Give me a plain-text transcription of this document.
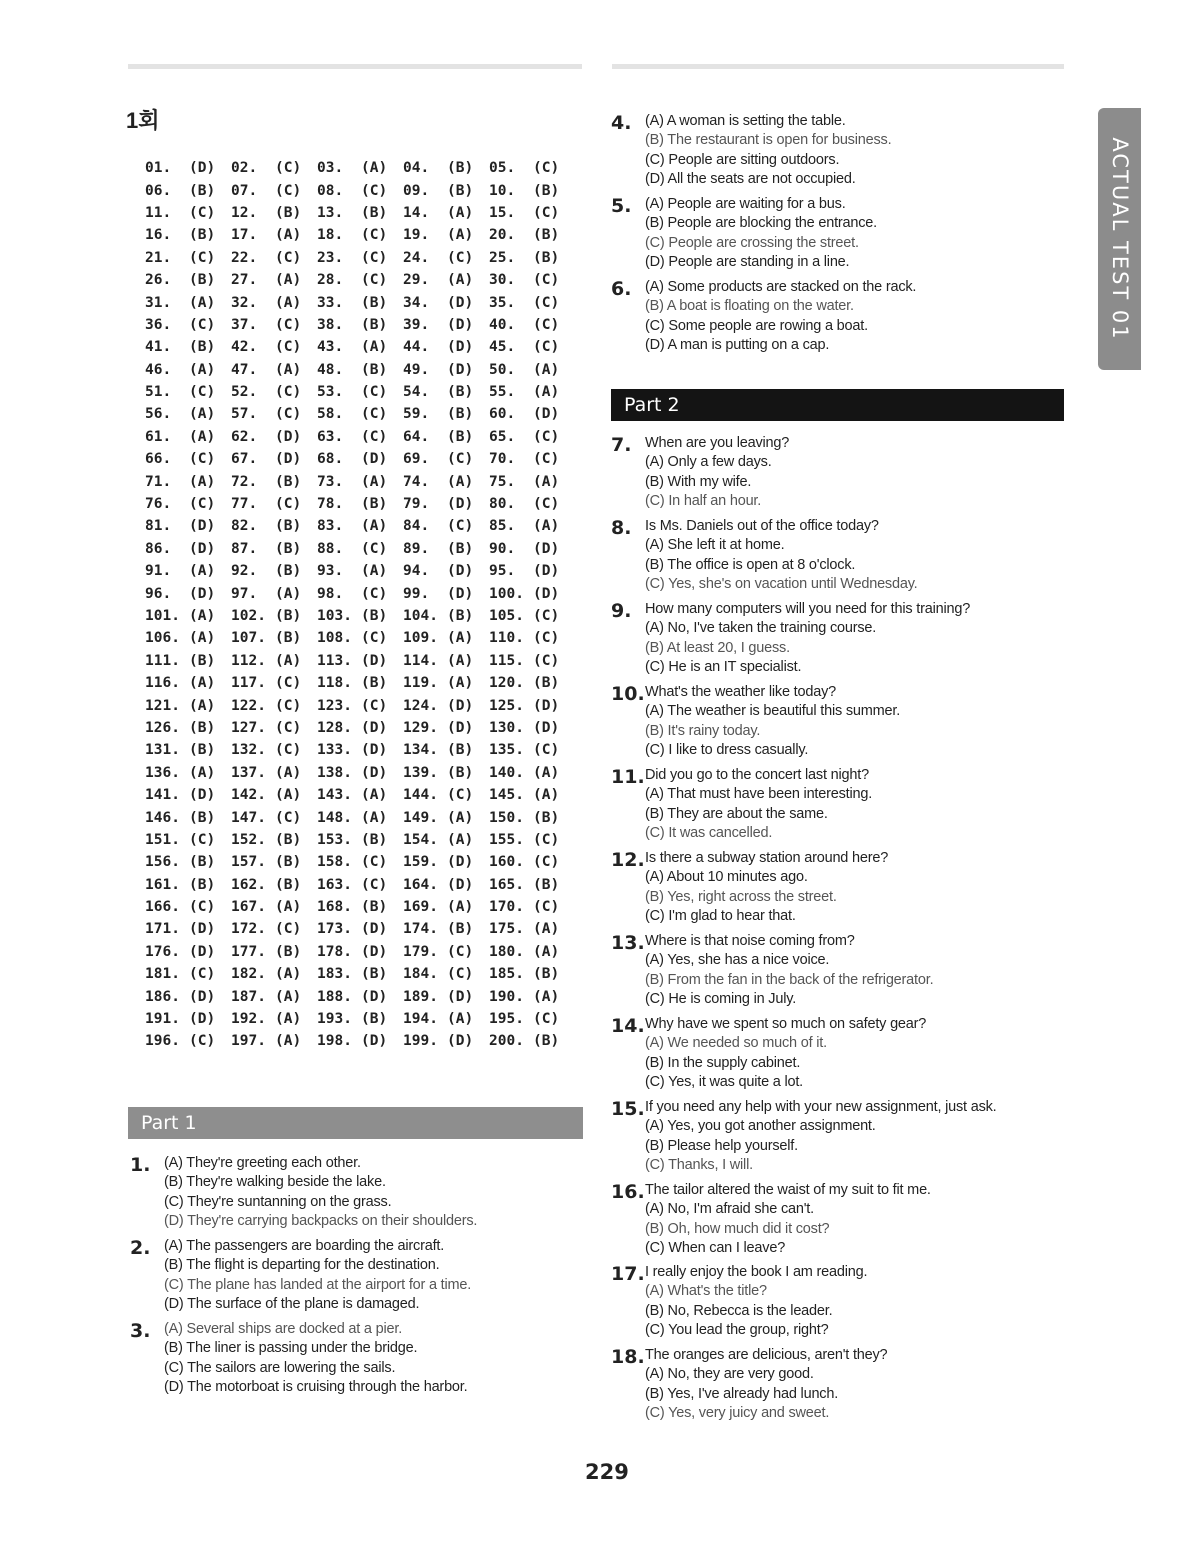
1회
01.	(D)	02.	(C)	03.	(A)	04.	(B)	05.	(C)
06.	(B)	07.	(C)	08.	(C)	09.	(B)	10.	(B)
11.	(C)	12.	(B)	13.	(B)	14.	(A)	15.	(C)
16.	(B)	17.	(A)	18.	(C)	19.	(A)	20.	(B)
21.	(C)	22.	(C)	23.	(C)	24.	(C)	25.	(B)
26.	(B)	27.	(A)	28.	(C)	29.	(A)	30.	(C)
31.	(A)	32.	(A)	33.	(B)	34.	(D)	35.	(C)
36.	(C)	37.	(C)	38.	(B)	39.	(D)	40.	(C)
41.	(B)	42.	(C)	43.	(A)	44.	(D)	45.	(C)
46.	(A)	47.	(A)	48.	(B)	49.	(D)	50.	(A)
51.	(C)	52.	(C)	53.	(C)	54.	(B)	55.	(A)
56.	(A)	57.	(C)	58.	(C)	59.	(B)	60.	(D)
61.	(A)	62.	(D)	63.	(C)	64.	(B)	65.	(C)
66.	(C)	67.	(D)	68.	(D)	69.	(C)	70.	(C)
71.	(A)	72.	(B)	73.	(A)	74.	(A)	75.	(A)
76.	(C)	77.	(C)	78.	(B)	79.	(D)	80.	(C)
81.	(D)	82.	(B)	83.	(A)	84.	(C)	85.	(A)
86.	(D)	87.	(B)	88.	(C)	89.	(B)	90.	(D)
91.	(A)	92.	(B)	93.	(A)	94.	(D)	95.	(D)
96.	(D)	97.	(A)	98.	(C)	99.	(D)	100. (D)
101. (A)	102. (B)	103. (B)	104. (B)	105. (C)
106. (A)	107. (B)	108. (C)	109. (A)	110. (C)
111. (B)	112. (A)	113. (D)	114. (A)	115. (C)
116. (A)	117. (C)	118. (B)	119. (A)	120. (B)
121. (A)	122. (C)	123. (C)	124. (D)	125. (D)
126. (B)	127. (C)	128. (D)	129. (D)	130. (D)
131. (B)	132. (C)	133. (D)	134. (B)	135. (C)
136. (A)	137. (A)	138. (D)	139. (B)	140. (A)
141. (D)	142. (A)	143. (A)	144. (C)	145. (A)
146. (B)	147. (C)	148. (A)	149. (A)	150. (B)
151. (C)	152. (B)	153. (B)	154. (A)	155. (C)
156. (B)	157. (B)	158. (C)	159. (D)	160. (C)
161. (B)	162. (B)	163. (C)	164. (D)	165. (B)
166. (C)	167. (A)	168. (B)	169. (A)	170. (C)
171. (D)	172. (C)	173. (D)	174. (B)	175. (A)
176. (D)	177. (B)	178. (D)	179. (C)	180. (A)
181. (C)	182. (A)	183. (B)	184. (C)	185. (B)
186. (D)	187. (A)	188. (D)	189. (D)	190. (A)
191. (D)	192. (A)	193. (B)	194. (A)	195. (C)
196. (C)	197. (A)	198. (D)	199. (D)	200. (B)
Part 1
Part 2
1. (A) They're greeting each other.
(B) They're walking beside the lake.
(C) They're suntanning on the grass.
(D) They're carrying backpacks on their shoulders.
2. (A) The passengers are boarding the aircraft.
(B) The flight is departing for the destination.
(C) The plane has landed at the airport for a time.
(D) The surface of the plane is damaged.
3. (A) Several ships are docked at a pier.
(B) The liner is passing under the bridge.
(C) The sailors are lowering the sails.
(D) The motorboat is cruising through the harbor.
4. (A) A woman is setting the table.
(B) The restaurant is open for business.
(C) People are sitting outdoors.
(D) All the seats are not occupied.
5. (A) People are waiting for a bus.
(B) People are blocking the entrance.
(C) People are crossing the street.
(D) People are standing in a line.
6. (A) Some products are stacked on the rack.
(B) A boat is floating on the water.
(C) Some people are rowing a boat.
(D) A man is putting on a cap.
7. When are you leaving?
(A) Only a few days.
(B) With my wife.
(C) In half an hour.
8. Is Ms. Daniels out of the office today?
(A) She left it at home.
(B) The office is open at 8 o'clock.
(C) Yes, she's on vacation until Wednesday.
9. How many computers will you need for this training?
(A) No, I've taken the training course.
(B) At least 20, I guess.
(C) He is an IT specialist.
10. What's the weather like today?
(A) The weather is beautiful this summer.
(B) It's rainy today.
(C) I like to dress casually.
11. Did you go to the concert last night?
(A) That must have been interesting.
(B) They are about the same.
(C) It was cancelled.
12. Is there a subway station around here?
(A) About 10 minutes ago.
(B) Yes, right across the street.
(C) I'm glad to hear that.
13. Where is that noise coming from?
(A) Yes, she has a nice voice.
(B) From the fan in the back of the refrigerator.
(C) He is coming in July.
14. Why have we spent so much on safety gear?
(A) We needed so much of it.
(B) In the supply cabinet.
(C) Yes, it was quite a lot.
15. If you need any help with your new assignment, just ask.
(A) Yes, you got another assignment.
(B) Please help yourself.
(C) Thanks, I will.
16. The tailor altered the waist of my suit to fit me.
(A) No, I'm afraid she can't.
(B) Oh, how much did it cost?
(C) When can I leave?
17. I really enjoy the book I am reading.
(A) What's the title?
(B) No, Rebecca is the leader.
(C) You lead the group, right?
18. The oranges are delicious, aren't they?
(A) No, they are very good.
(B) Yes, I've already had lunch.
(C) Yes, very juicy and sweet.
ACTUAL TEST 01
229
